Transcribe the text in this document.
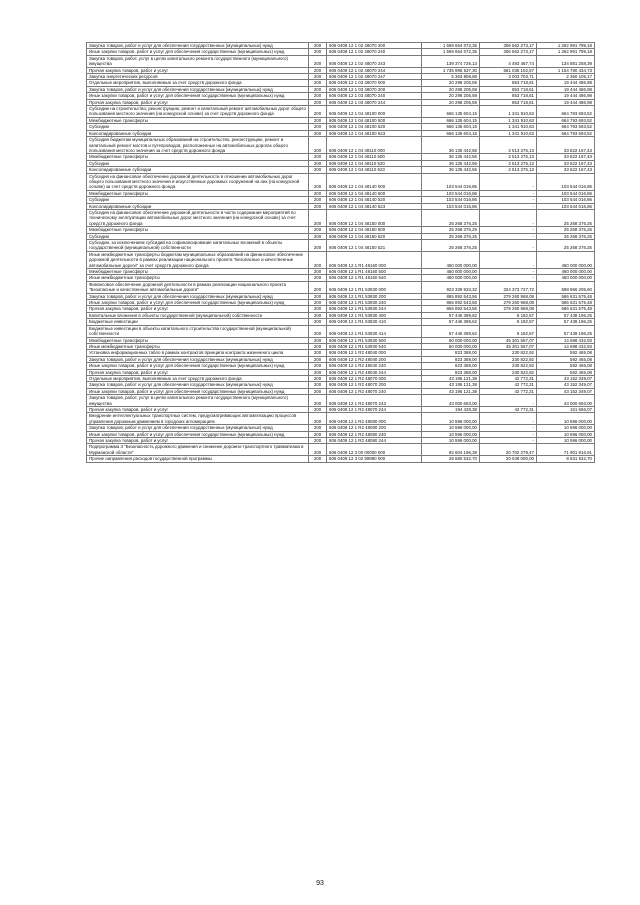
Закупка товаров, работ и услуг для обеспечения государственных (муниципальных) нужд	200	606 0409 12 1 02 48070 200	1 569 654 072,35	306 662 273,17	1 262 991 799,18
Иные закупки товаров, работ и услуг для обеспечения государственных (муниципальных) нужд	200	606 0409 12 1 02 48070 240	1 569 654 072,35	306 662 273,17	1 262 991 799,18
Закупка товаров, работ, услуг в целях капитального ремонта государственного (муниципального) имущества	200	606 0409 12 1 02 48070 243	139 374 726,13	4 493 467,74	134 881 258,39
Прочая закупка товаров, работ и услуг	200	606 0409 12 1 02 48070 244	1 735 995 537,30	581 035 102,57	1 154 780 434,73
Закупка энергетических ресурсов	200	606 0409 12 1 02 48070 247	5 363 808,88	3 003 703,71	2 360 105,17
Отдельные мероприятия, выполняемые за счет средств дорожного фонда	200	606 0409 12 1 03 48070 000	20 298 205,59	853 718,61	19 444 486,98
Закупка товаров, работ и услуг для обеспечения государственных (муниципальных) нужд	200	606 0409 12 1 03 48070 200	20 298 205,59	853 718,61	19 444 486,98
Иные закупки товаров, работ и услуг для обеспечения государственных (муниципальных) нужд	200	606 0409 12 1 03 48070 240	20 298 205,59	853 718,61	19 444 486,98
Прочая закупка товаров, работ и услуг	200	606 0409 12 1 03 48070 244	20 298 205,59	853 718,61	19 444 486,98
Субсидии на строительство, реконструкцию, ремонт и капитальный ремонт автомобильных дорог общего пользования местного значения (на конкурсной основе) за счет средств дорожного фонда	200	606 0409 12 1 04 48100 000	666 135 604,15	1 341 910,63	664 793 693,52
Межбюджетные трансферты	200	606 0409 12 1 04 48100 500	666 135 604,15	1 341 910,63	664 793 693,52
Субсидии	200	606 0409 12 1 04 48100 520	666 135 604,15	1 341 910,63	664 793 693,52
Консолидированные субсидии	200	606 0409 12 1 04 48100 523	666 135 604,15	1 341 910,63	664 793 693,52
Субсидия бюджетам муниципальных образований на строительство, реконструкцию, ремонт и капитальный ремонт мостов и путепроводов, расположенных на автомобильных дорогах общего пользования местного значения за счет средств дорожного фонда	200	606 0409 12 1 04 48110 000	36 135 442,56	2 513 275,13	33 622 167,43
Межбюджетные трансферты	200	606 0409 12 1 04 48110 500	36 135 442,56	2 513 275,13	33 622 167,43
Субсидии	200	606 0409 12 1 04 48110 520	36 135 442,56	2 513 275,13	33 622 167,43
Консолидированные субсидии	200	606 0409 12 1 04 48110 523	36 135 442,56	2 513 275,13	33 622 167,43
Субсидия на финансовое обеспечение дорожной деятельности в отношении автомобильных дорог общего пользования местного значения и искусственных дорожных сооружений на них (на конкурсной основе) за счет средств дорожного фонда	200	606 0409 12 1 04 48140 000	103 544 016,86	-	103 544 016,86
Межбюджетные трансферты	200	606 0409 12 1 04 48140 500	103 544 016,86	-	103 544 016,86
Субсидии	200	606 0409 12 1 04 48140 520	103 544 016,86	-	103 544 016,86
Консолидированные субсидии	200	606 0409 12 1 04 48140 523	103 544 016,86	-	103 544 016,86
Субсидия на финансовое обеспечение дорожной деятельности в части содержания мероприятий по техническому эксплуатации автомобильных дорог местного значения (на конкурсной основе) за счет средств дорожного фонда	200	606 0409 12 1 04 48150 000	25 268 376,25	-	25 268 376,25
Межбюджетные трансферты	200	606 0409 12 1 04 48150 500	25 268 376,25	-	25 268 376,25
Субсидии	200	606 0409 12 1 04 48150 520	25 268 376,25	-	25 268 376,25
Субсидии, за исключением субсидий на софинансирование капитальных вложений в объекты государственной (муниципальной) собственности	200	606 0409 12 1 04 48150 521	25 268 376,25	-	25 268 376,25
Иные межбюджетные трансферты бюджетам муниципальных образований на финансовое обеспечение дорожной деятельности в рамках реализации национального проекта "Безопасные и качественные автомобильные дороги" за счет средств дорожного фонда	200	606 0409 12 1 R1 48160 000	460 000 000,00	-	460 000 000,00
Межбюджетные трансферты	200	606 0409 12 1 R1 48160 500	460 000 000,00	-	460 000 000,00
Иные межбюджетные трансферты	200	606 0409 12 1 R1 48160 540	460 000 000,00	-	460 000 000,00
Финансовое обеспечение дорожной деятельности в рамках реализации национального проекта "Безопасные и качественные автомобильные дороги"	200	606 0409 12 1 R1 53930 000	923 339 933,32	324 373 727,72	598 966 205,60
Закупка товаров, работ и услуг для обеспечения государственных (муниципальных) нужд	200	606 0409 12 1 R1 53930 200	865 892 543,56	279 260 968,08	586 631 575,48
Иные закупки товаров, работ и услуг для обеспечения государственных (муниципальных) нужд	200	606 0409 12 1 R1 53930 240	865 892 543,56	279 260 968,08	586 631 575,48
Прочая закупка товаров, работ и услуг	200	606 0409 12 1 R1 53930 244	865 892 543,56	279 260 968,08	586 631 575,48
Капитальные вложения в объекты государственной (муниципальной) собственности	200	606 0409 12 1 R1 53930 400	57 446 389,62	8 192,57	57 438 196,25
Бюджетные инвестиции	200	606 0409 12 1 R1 53930 410	57 446 389,62	8 192,57	57 438 196,25
Бюджетные инвестиции в объекты капитального строительства государственной (муниципальной) собственности	200	606 0409 12 1 R1 53930 414	57 446 389,62	8 192,57	57 438 196,25
Межбюджетные трансферты	200	606 0409 12 1 R1 53930 500	60 000 000,00	45 301 567,07	14 698 432,93
Иные межбюджетные трансферты	200	606 0409 12 1 R1 53930 540	60 000 000,00	45 301 567,07	14 698 432,93
Установка информационных табло в рамках контрактов принципа контракта жизненного цикла	200	606 0409 12 1 R2 48040 000	823 388,00	230 822,92	592 465,08
Закупка товаров, работ и услуг для обеспечения государственных (муниципальных) нужд	200	606 0409 12 1 R2 48040 200	823 388,00	230 822,92	592 465,08
Иные закупки товаров, работ и услуг для обеспечения государственных (муниципальных) нужд	200	606 0409 12 1 R2 48040 240	823 388,00	230 822,92	592 465,08
Прочая закупка товаров, работ и услуг	200	606 0409 12 1 R2 48040 244	823 388,00	230 822,92	592 465,08
Отдельные мероприятия, выполняемые за счет средств дорожного фонда	200	606 0409 12 1 R2 48070 000	43 195 121,38	42 772,31	43 152 349,07
Закупка товаров, работ и услуг для обеспечения государственных (муниципальных) нужд	200	606 0409 12 1 R2 48070 200	43 195 121,38	42 772,31	43 152 349,07
Иные закупки товаров, работ и услуг для обеспечения государственных (муниципальных) нужд	200	606 0409 12 1 R2 48070 240	43 195 121,38	42 772,31	43 152 349,07
Закупка товаров, работ, услуг в целях капитального ремонта государственного (муниципального) имущества	200	606 0409 12 1 R2 48070 243	43 000 693,00	-	43 000 693,00
Прочая закупка товаров, работ и услуг	200	606 0409 12 1 R2 48070 244	194 428,38	42 772,31	151 656,07
Внедрение интеллектуальных транспортных систем, предусматривающих автоматизацию процессов управления дорожным движением в городских агломерациях	200	606 0409 12 1 R2 48080 000	10 596 000,00	-	10 596 000,00
Закупка товаров, работ и услуг для обеспечения государственных (муниципальных) нужд	200	606 0409 12 1 R2 48080 200	10 596 000,00	-	10 596 000,00
Иные закупки товаров, работ и услуг для обеспечения государственных (муниципальных) нужд	200	606 0409 12 1 R2 48080 240	10 596 000,00	-	10 596 000,00
Прочая закупка товаров, работ и услуг	200	606 0409 12 1 R2 48080 244	10 596 000,00	-	10 596 000,00
Подпрограмма 3 "Безопасность дорожного движения и снижение дорожно-транспортного травматизма в Мурманской области"	200	606 0409 12 3 00 00000 000	92 604 196,38	20 702 279,47	71 901 916,91
Прочие направления расходов государственной программы	200	606 0409 12 3 02 99990 000	28 680 532,70	20 049 000,00	8 631 532,70
93
